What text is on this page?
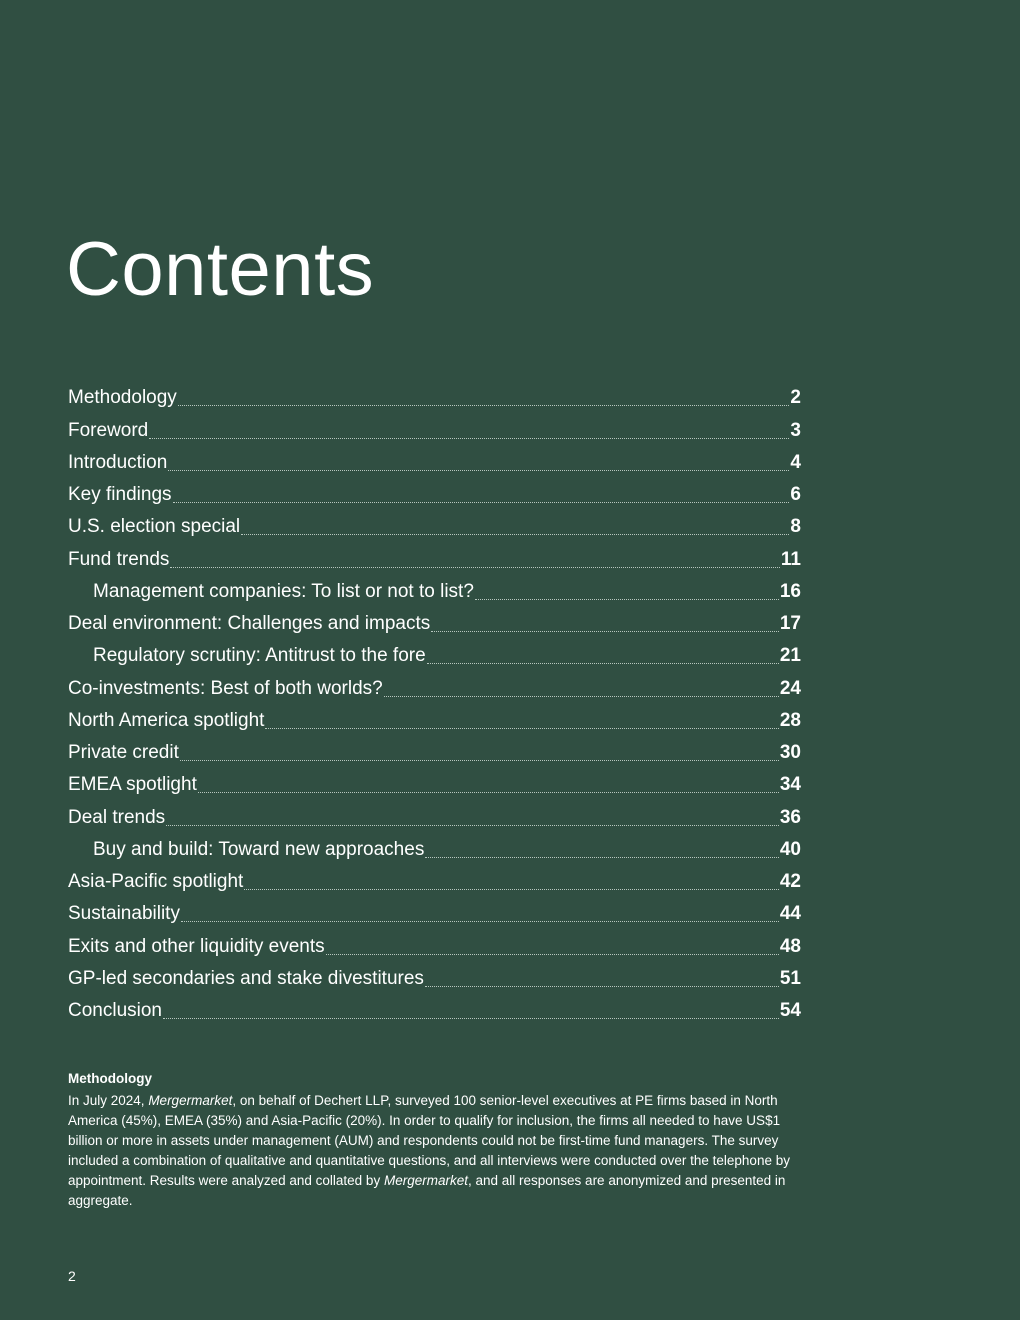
Contents
Methodology	2
Foreword	3
Introduction	4
Key findings	6
U.S. election special	8
Fund trends	11
Management companies: To list or not to list?	16
Deal environment: Challenges and impacts	17
Regulatory scrutiny: Antitrust to the fore	21
Co-investments: Best of both worlds?	24
North America spotlight	28
Private credit	30
EMEA spotlight	34
Deal trends	36
Buy and build: Toward new approaches	40
Asia-Pacific spotlight	42
Sustainability	44
Exits and other liquidity events	48
GP-led secondaries and stake divestitures	51
Conclusion	54
Methodology

In July 2024, Mergermarket, on behalf of Dechert LLP, surveyed 100 senior-level executives at PE firms based in North America (45%), EMEA (35%) and Asia-Pacific (20%). In order to qualify for inclusion, the firms all needed to have US$1 billion or more in assets under management (AUM) and respondents could not be first-time fund managers. The survey included a combination of qualitative and quantitative questions, and all interviews were conducted over the telephone by appointment. Results were analyzed and collated by Mergermarket, and all responses are anonymized and presented in aggregate.

2
